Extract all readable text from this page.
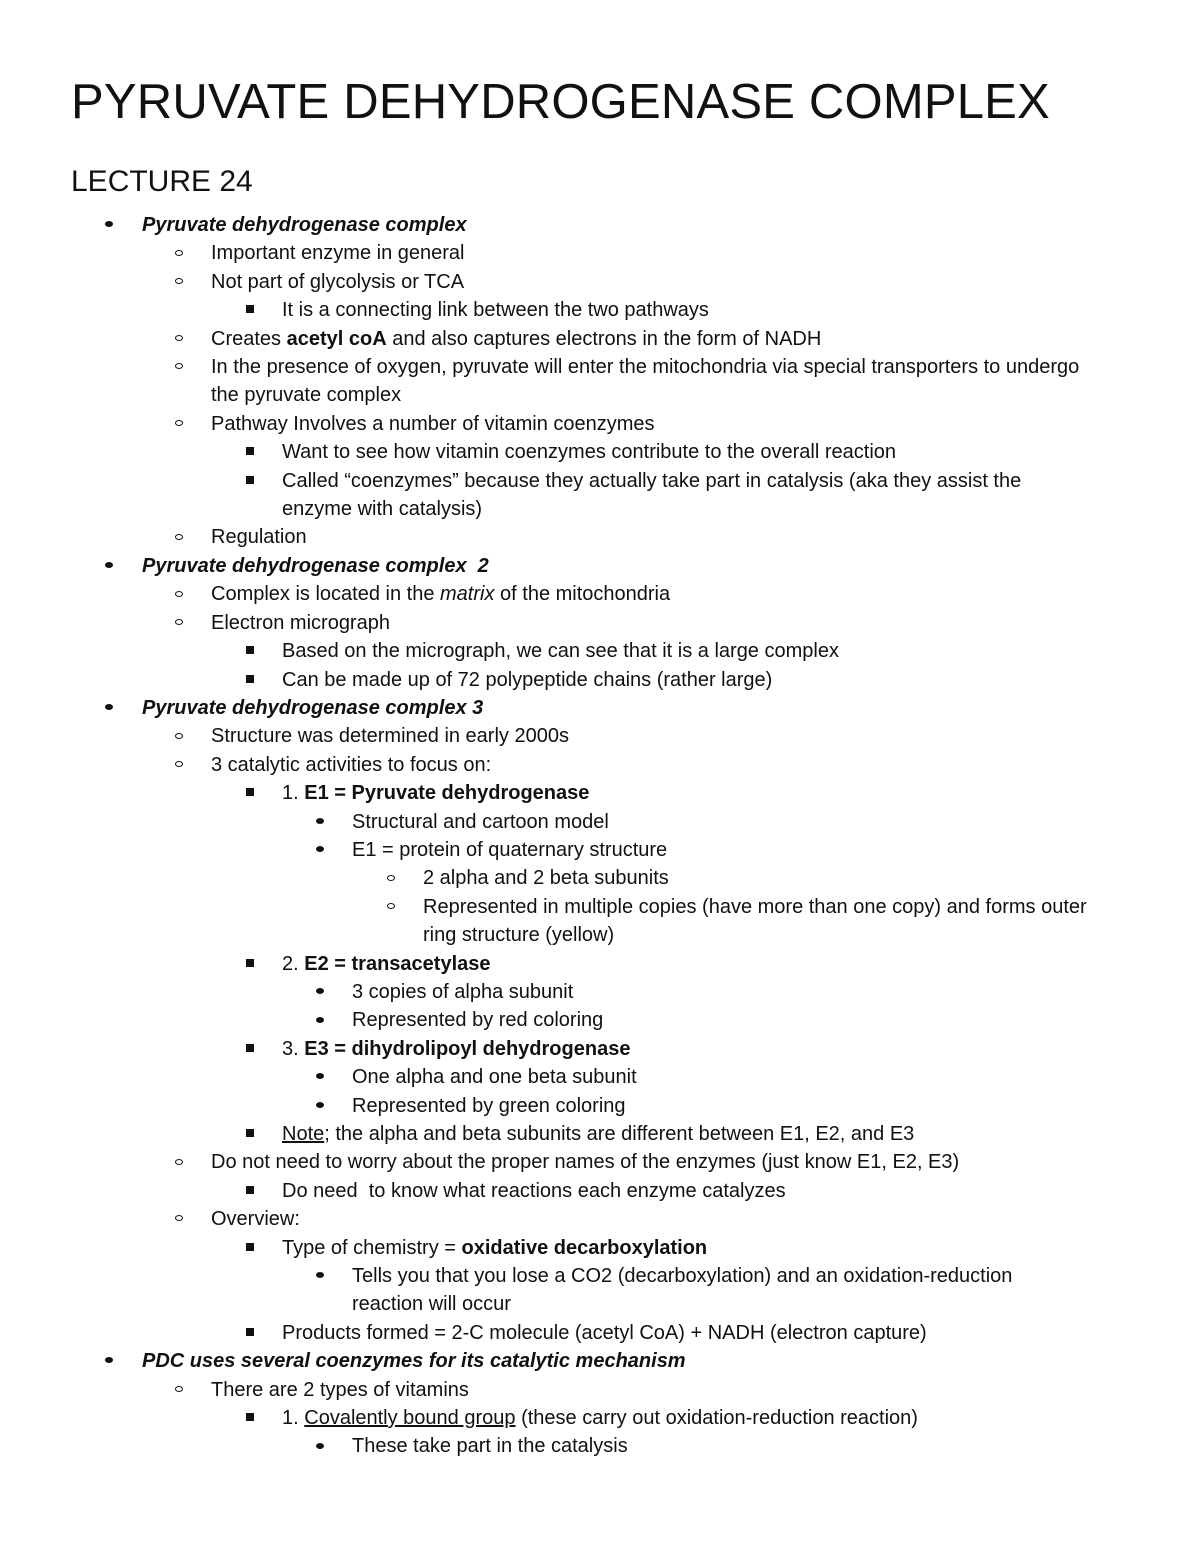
PYRUVATE DEHYDROGENASE COMPLEX
LECTURE 24
Pyruvate dehydrogenase complex
Important enzyme in general
Not part of glycolysis or TCA
It is a connecting link between the two pathways
Creates acetyl coA and also captures electrons in the form of NADH
In the presence of oxygen, pyruvate will enter the mitochondria via special transporters to undergo the pyruvate complex
Pathway Involves a number of vitamin coenzymes
Want to see how vitamin coenzymes contribute to the overall reaction
Called “coenzymes” because they actually take part in catalysis (aka they assist the enzyme with catalysis)
Regulation
Pyruvate dehydrogenase complex  2
Complex is located in the matrix of the mitochondria
Electron micrograph
Based on the micrograph, we can see that it is a large complex
Can be made up of 72 polypeptide chains (rather large)
Pyruvate dehydrogenase complex 3
Structure was determined in early 2000s
3 catalytic activities to focus on:
1. E1 = Pyruvate dehydrogenase
Structural and cartoon model
E1 = protein of quaternary structure
2 alpha and 2 beta subunits
Represented in multiple copies (have more than one copy) and forms outer ring structure (yellow)
2. E2 = transacetylase
3 copies of alpha subunit
Represented by red coloring
3. E3 = dihydrolipoyl dehydrogenase
One alpha and one beta subunit
Represented by green coloring
Note; the alpha and beta subunits are different between E1, E2, and E3
Do not need to worry about the proper names of the enzymes (just know E1, E2, E3)
Do need  to know what reactions each enzyme catalyzes
Overview:
Type of chemistry = oxidative decarboxylation
Tells you that you lose a CO2 (decarboxylation) and an oxidation-reduction reaction will occur
Products formed = 2-C molecule (acetyl CoA) + NADH (electron capture)
PDC uses several coenzymes for its catalytic mechanism
There are 2 types of vitamins
1. Covalently bound group (these carry out oxidation-reduction reaction)
These take part in the catalysis
